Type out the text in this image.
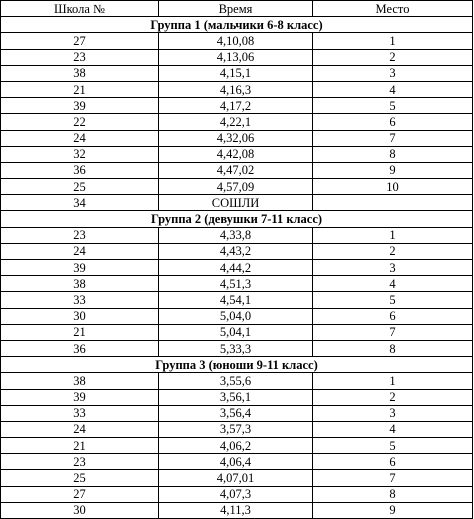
Школа №	Время	Место
Группа 1 (мальчики 6-8 класс)		
27	4,10,08	1
23	4,13,06	2
38	4,15,1	3
21	4,16,3	4
39	4,17,2	5
22	4,22,1	6
24	4,32,06	7
32	4,42,08	8
36	4,47,02	9
25	4,57,09	10
34	СОШЛИ	
Группа 2 (девушки 7-11 класс)		
23	4,33,8	1
24	4,43,2	2
39	4,44,2	3
38	4,51,3	4
33	4,54,1	5
30	5,04,0	6
21	5,04,1	7
36	5,33,3	8
Группа 3 (юноши 9-11 класс)		
38	3,55,6	1
39	3,56,1	2
33	3,56,4	3
24	3,57,3	4
21	4,06,2	5
23	4,06,4	6
25	4,07,01	7
27	4,07,3	8
30	4,11,3	9
